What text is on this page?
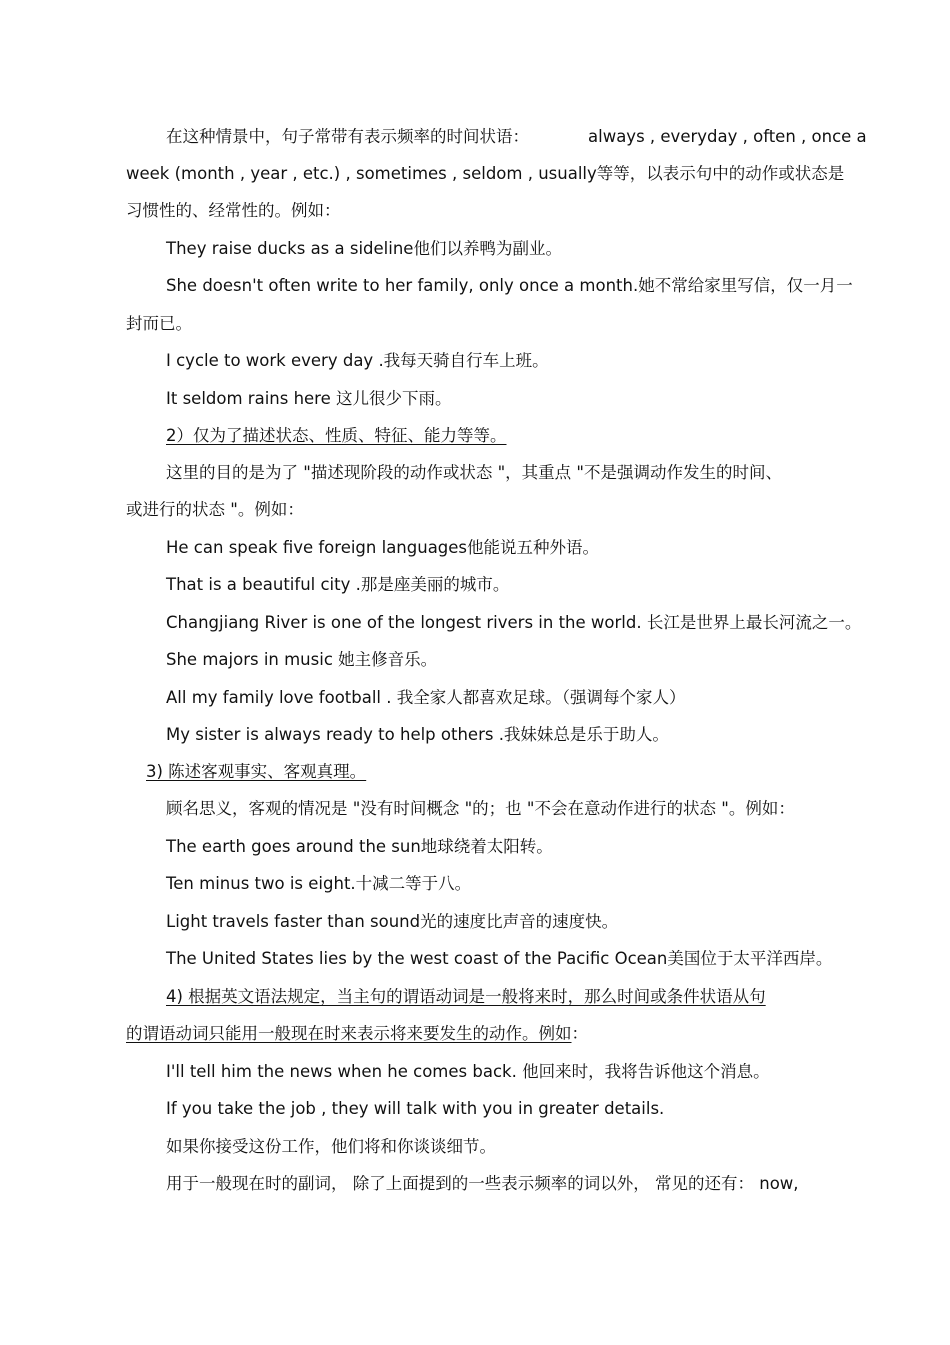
在这种情景中，句子常带有表示频率的时间状语：	always , everyday , often , once a
week (month , year , etc.) , sometimes , seldom , usually等等，以表示句中的动作或状态是
习惯性的、经常性的。例如：
They raise ducks as a sideline他们以养鸭为副业。
She doesn't often write to her family, only once a month.她不常给家里写信，仅一月一
封而已。
I cycle to work every day .我每天骑自行车上班。
It seldom rains here 这儿很少下雨。
2）仅为了描述状态、性质、特征、能力等等。
这里的目的是为了 "描述现阶段的动作或状态 "，其重点 "不是强调动作发生的时间、
或进行的状态 "。例如：
He can speak five foreign languages他能说五种外语。
That is a beautiful city .那是座美丽的城市。
Changjiang River is one of the longest rivers in the world. 长江是世界上最长河流之一。
She majors in music 她主修音乐。
All my family love football . 我全家人都喜欢足球。（强调每个家人）
My sister is always ready to help others .我妹妹总是乐于助人。
3) 陈述客观事实、客观真理。
顾名思义，客观的情况是 "没有时间概念 "的；也 "不会在意动作进行的状态 "。例如：
The earth goes around the sun地球绕着太阳转。
Ten minus two is eight.十减二等于八。
Light travels faster than sound光的速度比声音的速度快。
The United States lies by the west coast of the Pacific Ocean美国位于太平洋西岸。
4) 根据英文语法规定，当主句的谓语动词是一般将来时，那么时间或条件状语从句
的谓语动词只能用一般现在时来表示将来要发生的动作。例如：
I'll tell him the news when he comes back. 他回来时，我将告诉他这个消息。
If you take the job , they will talk with you in greater details.
如果你接受这份工作，他们将和你谈谈细节。
用于一般现在时的副词， 除了上面提到的一些表示频率的词以外， 常见的还有： now,
